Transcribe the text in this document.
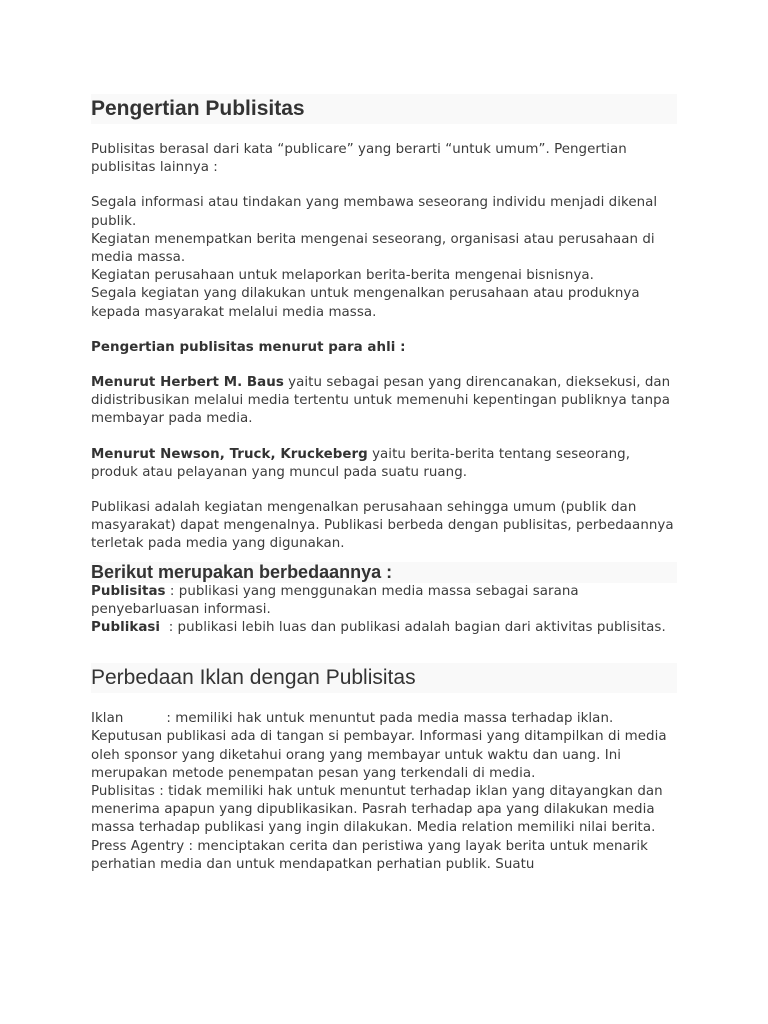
Pengertian Publisitas

Publisitas berasal dari kata “publicare” yang berarti “untuk umum”. Pengertian publisitas lainnya :

Segala informasi atau tindakan yang membawa seseorang individu menjadi dikenal publik.
Kegiatan menempatkan berita mengenai seseorang, organisasi atau perusahaan di media massa.
Kegiatan perusahaan untuk melaporkan berita-berita mengenai bisnisnya.
Segala kegiatan yang dilakukan untuk mengenalkan perusahaan atau produknya kepada masyarakat melalui media massa.

Pengertian publisitas menurut para ahli :

Menurut Herbert M. Baus yaitu sebagai pesan yang direncanakan, dieksekusi, dan didistribusikan melalui media tertentu untuk memenuhi kepentingan publiknya tanpa membayar pada media.

Menurut Newson, Truck, Kruckeberg yaitu berita-berita tentang seseorang, produk atau pelayanan yang muncul pada suatu ruang.

Publikasi adalah kegiatan mengenalkan perusahaan sehingga umum (publik dan masyarakat) dapat mengenalnya. Publikasi berbeda dengan publisitas, perbedaannya terletak pada media yang digunakan.

Berikut merupakan berbedaannya :

Publisitas : publikasi yang menggunakan media massa sebagai sarana penyebarluasan informasi.

Publikasi  : publikasi lebih luas dan publikasi adalah bagian dari aktivitas publisitas.

Perbedaan Iklan dengan Publisitas

Iklan          : memiliki hak untuk menuntut pada media massa terhadap iklan. Keputusan publikasi ada di tangan si pembayar. Informasi yang ditampilkan di media oleh sponsor yang diketahui orang yang membayar untuk waktu dan uang. Ini merupakan metode penempatan pesan yang terkendali di media.

Publisitas : tidak memiliki hak untuk menuntut terhadap iklan yang ditayangkan dan menerima apapun yang dipublikasikan. Pasrah terhadap apa yang dilakukan media massa terhadap publikasi yang ingin dilakukan. Media relation memiliki nilai berita.

Press Agentry : menciptakan cerita dan peristiwa yang layak berita untuk menarik perhatian media dan untuk mendapatkan perhatian publik. Suatu
